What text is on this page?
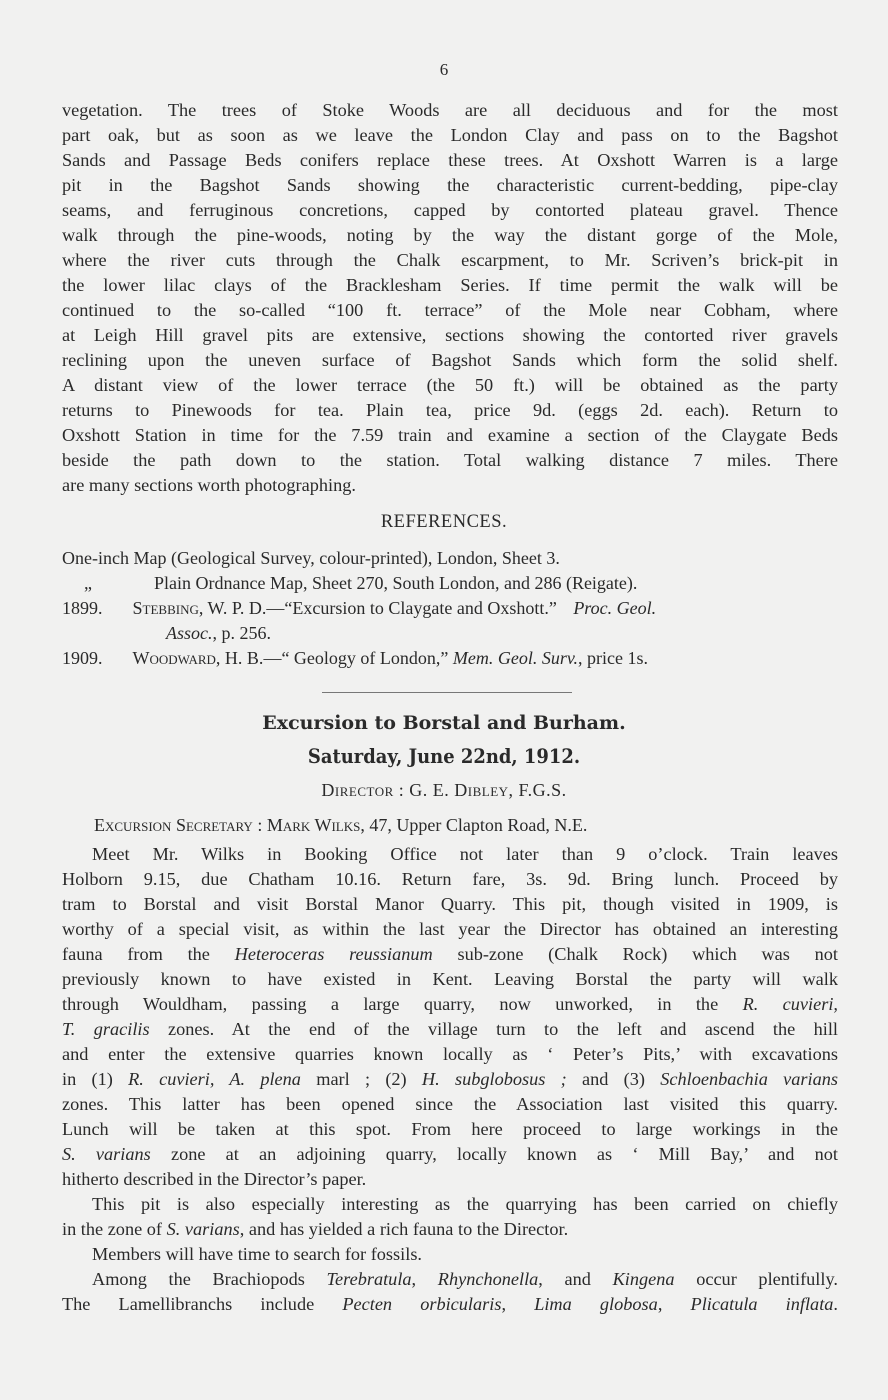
6
vegetation. The trees of Stoke Woods are all deciduous and for the most
part oak, but as soon as we leave the London Clay and pass on to the Bagshot
Sands and Passage Beds conifers replace these trees. At Oxshott Warren is a large
pit in the Bagshot Sands showing the characteristic current-bedding, pipe-clay
seams, and ferruginous concretions, capped by contorted plateau gravel. Thence
walk through the pine-woods, noting by the way the distant gorge of the Mole,
where the river cuts through the Chalk escarpment, to Mr. Scriven’s brick-pit in
the lower lilac clays of the Bracklesham Series. If time permit the walk will be
continued to the so-called “100 ft. terrace” of the Mole near Cobham, where
at Leigh Hill gravel pits are extensive, sections showing the contorted river gravels
reclining upon the uneven surface of Bagshot Sands which form the solid shelf.
A distant view of the lower terrace (the 50 ft.) will be obtained as the party
returns to Pinewoods for tea. Plain tea, price 9d. (eggs 2d. each). Return to
Oxshott Station in time for the 7.59 train and examine a section of the Claygate Beds
beside the path down to the station. Total walking distance 7 miles. There
are many sections worth photographing.
REFERENCES.
One-inch Map (Geological Survey, colour-printed), London, Sheet 3.
„	Plain Ordnance Map, Sheet 270, South London, and 286 (Reigate).
1899. Stebbing, W. P. D.—“Excursion to Claygate and Oxshott.” Proc. Geol.
Assoc., p. 256.
1909. Woodward, H. B.—“ Geology of London,” Mem. Geol. Surv., price 1s.
Excursion to Borstal and Burham.
Saturday, June 22nd, 1912.
Director : G. E. Dibley, F.G.S.
Excursion Secretary : Mark Wilks, 47, Upper Clapton Road, N.E.
Meet Mr. Wilks in Booking Office not later than 9 o’clock. Train leaves
Holborn 9.15, due Chatham 10.16. Return fare, 3s. 9d. Bring lunch. Proceed by
tram to Borstal and visit Borstal Manor Quarry. This pit, though visited in 1909, is
worthy of a special visit, as within the last year the Director has obtained an interesting
fauna from the Heteroceras reussianum sub-zone (Chalk Rock) which was not
previously known to have existed in Kent. Leaving Borstal the party will walk
through Wouldham, passing a large quarry, now unworked, in the R. cuvieri,
T. gracilis zones. At the end of the village turn to the left and ascend the hill
and enter the extensive quarries known locally as ‘ Peter’s Pits,’ with excavations
in (1) R. cuvieri, A. plena marl ; (2) H. subglobosus ; and (3) Schloenbachia varians
zones. This latter has been opened since the Association last visited this quarry.
Lunch will be taken at this spot. From here proceed to large workings in the
S. varians zone at an adjoining quarry, locally known as ‘ Mill Bay,’ and not
hitherto described in the Director’s paper.
This pit is also especially interesting as the quarrying has been carried on chiefly
in the zone of S. varians, and has yielded a rich fauna to the Director.
Members will have time to search for fossils.
Among the Brachiopods Terebratula, Rhynchonella, and Kingena occur plentifully.
The Lamellibranchs include Pecten orbicularis, Lima globosa, Plicatula inflata.
